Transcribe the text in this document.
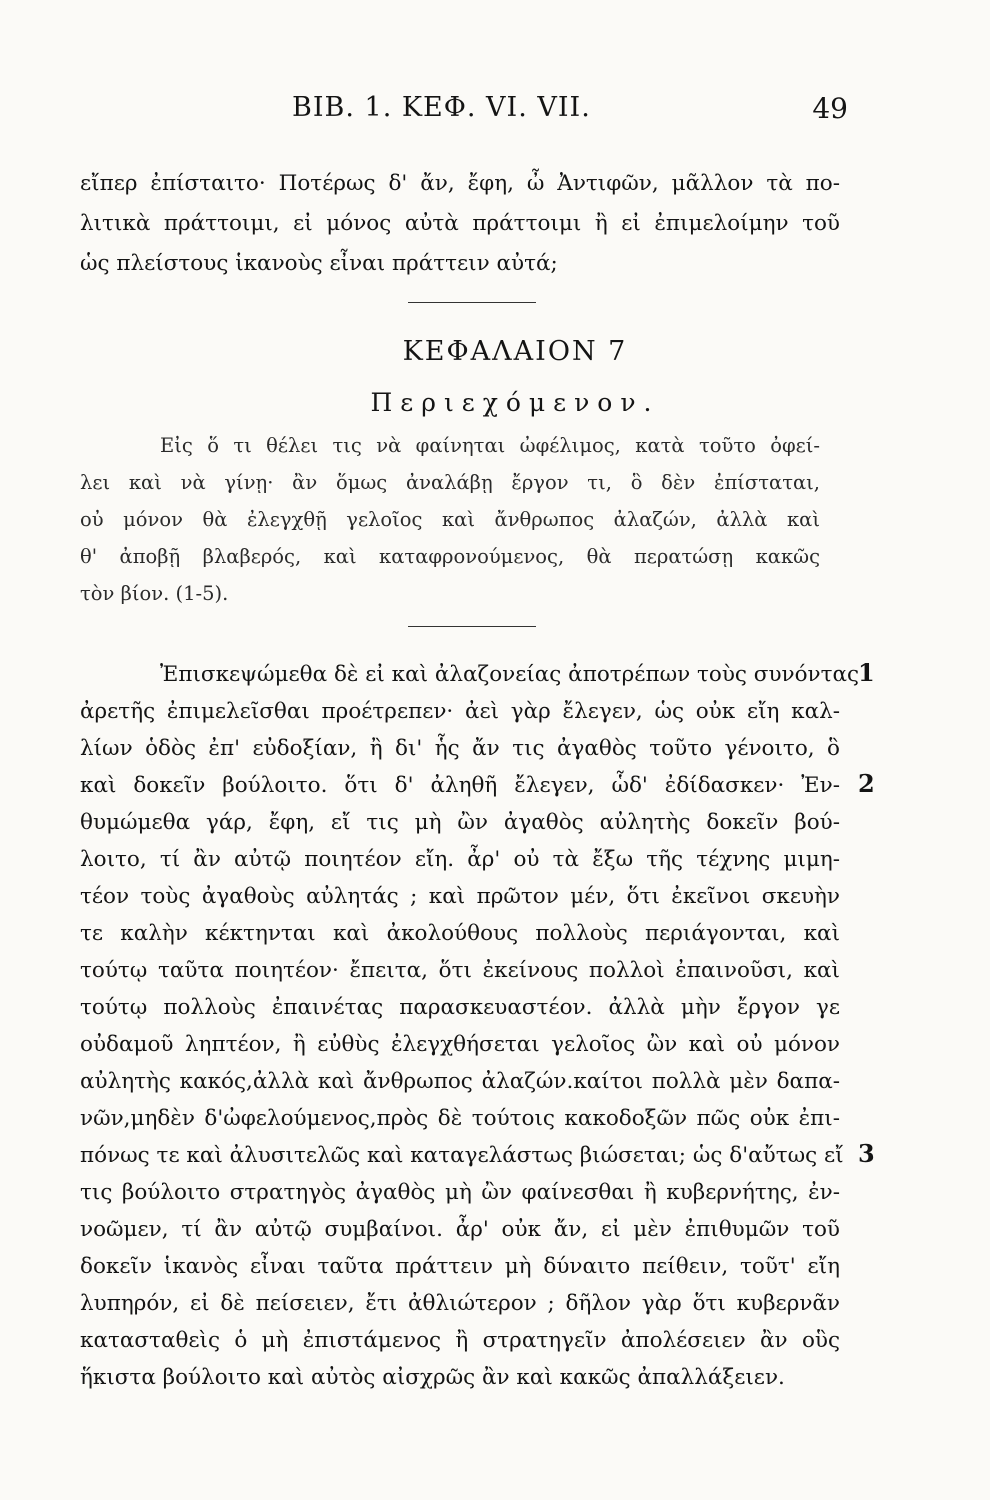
ΒΙΒ. 1. ΚΕΦ. VΙ. VΙΙ.	49
εἴπερ ἐπίσταιτο· Ποτέρως δ' ἄν, ἔφη, ὦ Ἀντιφῶν, μᾶλλον τὰ πο-
λιτικὰ πράττοιμι, εἰ μόνος αὐτὰ πράττοιμι ἢ εἰ ἐπιμελοίμην τοῦ
ὡς πλείστους ἱκανοὺς εἶναι πράττειν αὐτά;
ΚΕΦΑΛΑΙΟΝ 7
Περιεχόμενον.
Εἰς ὅ τι θέλει τις νὰ φαίνηται ὠφέλιμος, κατὰ τοῦτο ὀφεί-
λει καὶ νὰ γίνῃ· ἂν ὅμως ἀναλάβῃ ἔργον τι, ὃ δὲν ἐπίσταται,
οὐ μόνον θὰ ἐλεγχθῇ γελοῖος καὶ ἄνθρωπος ἀλαζών, ἀλλὰ καὶ
θ' ἀποβῇ βλαβερός, καὶ καταφρονούμενος, θὰ περατώσῃ κακῶς
τὸν βίον. (1-5).
Ἐπισκεψώμεθα δὲ εἰ καὶ ἀλαζονείας ἀποτρέπων τοὺς συνόντας
ἀρετῆς ἐπιμελεῖσθαι προέτρεπεν· ἀεὶ γὰρ ἔλεγεν, ὡς οὐκ εἴη καλ-
λίων ὁδὸς ἐπ' εὐδοξίαν, ἢ δι' ἧς ἄν τις ἀγαθὸς τοῦτο γένοιτο, ὃ
καὶ δοκεῖν βούλοιτο. ὅτι δ' ἀληθῆ ἔλεγεν, ὧδ' ἐδίδασκεν· Ἐν-
θυμώμεθα γάρ, ἔφη, εἴ τις μὴ ὢν ἀγαθὸς αὐλητὴς δοκεῖν βού-
λοιτο, τί ἂν αὐτῷ ποιητέον εἴη. ἆρ' οὐ τὰ ἔξω τῆς τέχνης μιμη-
τέον τοὺς ἀγαθοὺς αὐλητάς ; καὶ πρῶτον μέν, ὅτι ἐκεῖνοι σκευὴν
τε καλὴν κέκτηνται καὶ ἀκολούθους πολλοὺς περιάγονται, καὶ
τούτῳ ταῦτα ποιητέον· ἔπειτα, ὅτι ἐκείνους πολλοὶ ἐπαινοῦσι, καὶ
τούτῳ πολλοὺς ἐπαινέτας παρασκευαστέον. ἀλλὰ μὴν ἔργον γε
οὐδαμοῦ ληπτέον, ἢ εὐθὺς ἐλεγχθήσεται γελοῖος ὢν καὶ οὐ μόνον
αὐλητὴς κακός,ἀλλὰ καὶ ἄνθρωπος ἀλαζών.καίτοι πολλὰ μὲν δαπα-
νῶν,μηδὲν δ'ὠφελούμενος,πρὸς δὲ τούτοις κακοδοξῶν πῶς οὐκ ἐπι-
πόνως τε καὶ ἀλυσιτελῶς καὶ καταγελάστως βιώσεται; ὡς δ'αὔτως εἴ
τις βούλοιτο στρατηγὸς ἀγαθὸς μὴ ὢν φαίνεσθαι ἢ κυβερνήτης, ἐν-
νοῶμεν, τί ἂν αὐτῷ συμβαίνοι. ἆρ' οὐκ ἄν, εἰ μὲν ἐπιθυμῶν τοῦ
δοκεῖν ἱκανὸς εἶναι ταῦτα πράττειν μὴ δύναιτο πείθειν, τοῦτ' εἴη
λυπηρόν, εἰ δὲ πείσειεν, ἔτι ἀθλιώτερον ; δῆλον γὰρ ὅτι κυβερνᾶν
κατασταθεὶς ὁ μὴ ἐπιστάμενος ἢ στρατηγεῖν ἀπολέσειεν ἂν οὓς
ἥκιστα βούλοιτο καὶ αὐτὸς αἰσχρῶς ἂν καὶ κακῶς ἀπαλλάξειεν.
1
2
3
